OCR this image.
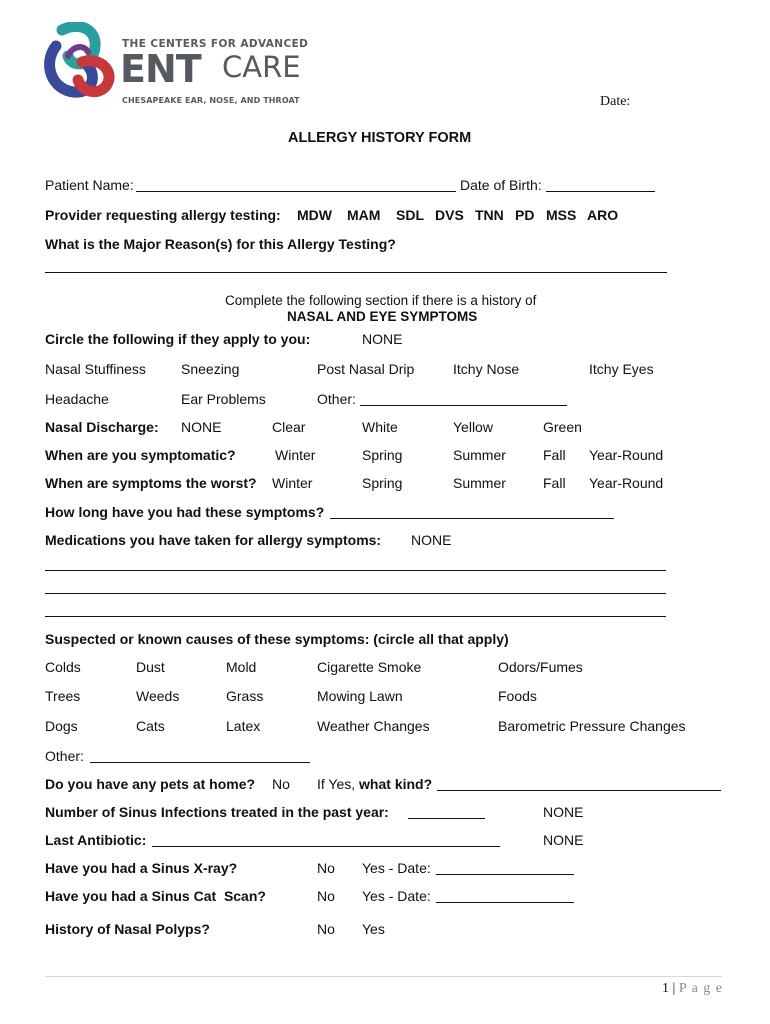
THE CENTERS FOR ADVANCED
ENT CARE
CHESAPEAKE EAR, NOSE, AND THROAT	Date:
ALLERGY HISTORY FORM
Patient Name:	Date of Birth:
Provider requesting allergy testing: MDW MAM SDL DVS TNN PD MSS ARO
What is the Major Reason(s) for this Allergy Testing?
Complete the following section if there is a history of
NASAL AND EYE SYMPTOMS
Circle the following if they apply to you:	NONE
Nasal Stuffiness	Sneezing	Post Nasal Drip	Itchy Nose	Itchy Eyes
Headache	Ear Problems	Other:
Nasal Discharge: NONE	Clear	White	Yellow	Green
When are you symptomatic?	Winter	Spring	Summer	Fall Year-Round
When are symptoms the worst? Winter	Spring	Summer	Fall Year-Round
How long have you had these symptoms?
Medications you have taken for allergy symptoms: NONE
Suspected or known causes of these symptoms: (circle all that apply)
Colds	Dust	Mold	Cigarette Smoke	Odors/Fumes
Trees	Weeds	Grass	Mowing Lawn	Foods
Dogs	Cats	Latex	Weather Changes	Barometric Pressure Changes
Other:
Do you have any pets at home? No If Yes, what kind?
Number of Sinus Infections treated in the past year:	NONE
Last Antibiotic:	NONE
Have you had a Sinus X-ray?	No Yes - Date:
Have you had a Sinus Cat  Scan?	No Yes - Date:
History of Nasal Polyps?	No Yes
1 | P a g e
